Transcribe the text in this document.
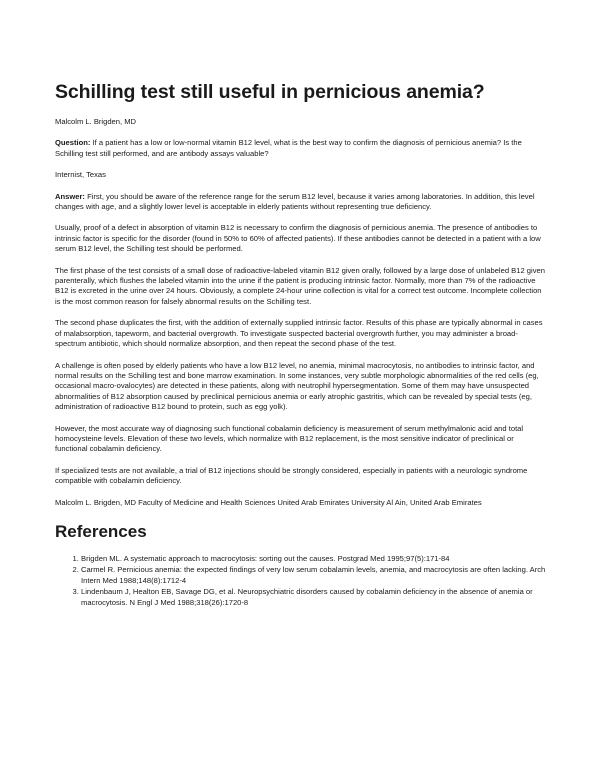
Schilling test still useful in pernicious anemia?

Malcolm L. Brigden, MD

Question: If a patient has a low or low-normal vitamin B12 level, what is the best way to confirm the diagnosis of pernicious anemia? Is the Schilling test still performed, and are antibody assays valuable?

Internist, Texas

Answer: First, you should be aware of the reference range for the serum B12 level, because it varies among laboratories. In addition, this level changes with age, and a slightly lower level is acceptable in elderly patients without representing true deficiency.

Usually, proof of a defect in absorption of vitamin B12 is necessary to confirm the diagnosis of pernicious anemia. The presence of antibodies to intrinsic factor is specific for the disorder (found in 50% to 60% of affected patients). If these antibodies cannot be detected in a patient with a low serum B12 level, the Schilling test should be performed.

The first phase of the test consists of a small dose of radioactive-labeled vitamin B12 given orally, followed by a large dose of unlabeled B12 given parenterally, which flushes the labeled vitamin into the urine if the patient is producing intrinsic factor. Normally, more than 7% of the radioactive B12 is excreted in the urine over 24 hours. Obviously, a complete 24-hour urine collection is vital for a correct test outcome. Incomplete collection is the most common reason for falsely abnormal results on the Schilling test.

The second phase duplicates the first, with the addition of externally supplied intrinsic factor. Results of this phase are typically abnormal in cases of malabsorption, tapeworm, and bacterial overgrowth. To investigate suspected bacterial overgrowth further, you may administer a broad-spectrum antibiotic, which should normalize absorption, and then repeat the second phase of the test.

A challenge is often posed by elderly patients who have a low B12 level, no anemia, minimal macrocytosis, no antibodies to intrinsic factor, and normal results on the Schilling test and bone marrow examination. In some instances, very subtle morphologic abnormalities of the red cells (eg, occasional macro-ovalocytes) are detected in these patients, along with neutrophil hypersegmentation. Some of them may have unsuspected abnormalities of B12 absorption caused by preclinical pernicious anemia or early atrophic gastritis, which can be revealed by special tests (eg, administration of radioactive B12 bound to protein, such as egg yolk).

However, the most accurate way of diagnosing such functional cobalamin deficiency is measurement of serum methylmalonic acid and total homocysteine levels. Elevation of these two levels, which normalize with B12 replacement, is the most sensitive indicator of preclinical or functional cobalamin deficiency.

If specialized tests are not available, a trial of B12 injections should be strongly considered, especially in patients with a neurologic syndrome compatible with cobalamin deficiency.

Malcolm L. Brigden, MD Faculty of Medicine and Health Sciences United Arab Emirates University Al Ain, United Arab Emirates

References
1. Brigden ML. A systematic approach to macrocytosis: sorting out the causes. Postgrad Med 1995;97(5):171-84
2. Carmel R. Pernicious anemia: the expected findings of very low serum cobalamin levels, anemia, and macrocytosis are often lacking. Arch Intern Med 1988;148(8):1712-4
3. Lindenbaum J, Healton EB, Savage DG, et al. Neuropsychiatric disorders caused by cobalamin deficiency in the absence of anemia or macrocytosis. N Engl J Med 1988;318(26):1720-8
